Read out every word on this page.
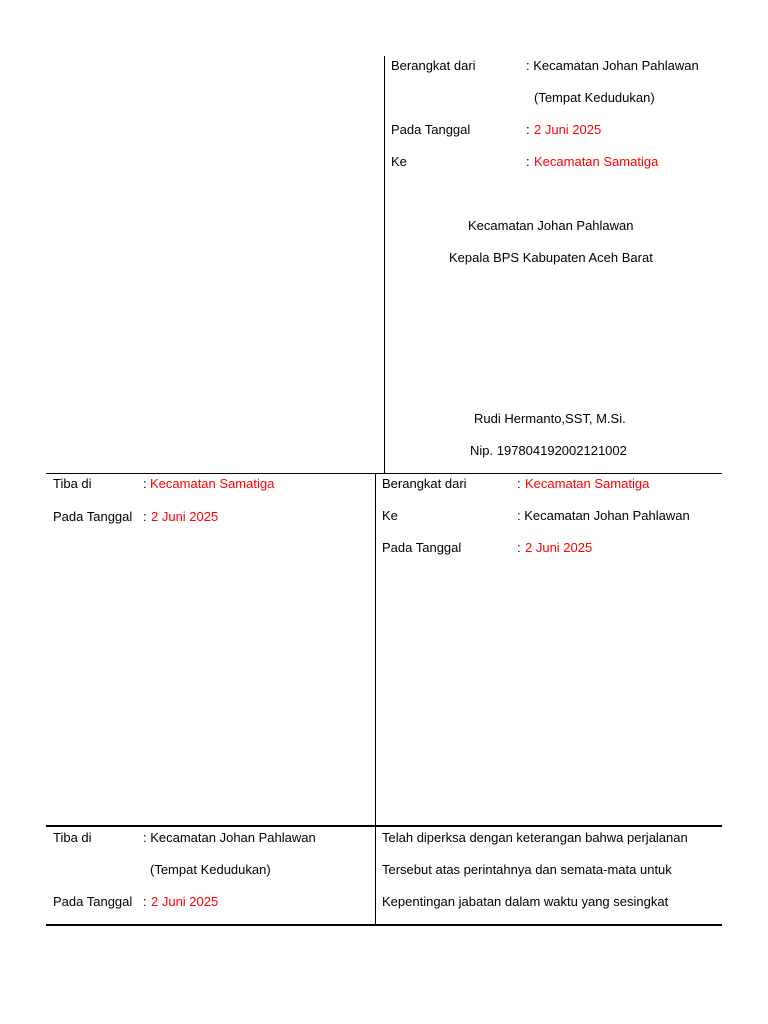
Berangkat dari	: Kecamatan Johan Pahlawan
(Tempat Kedudukan)
Pada Tanggal	: 2 Juni 2025
Ke	: Kecamatan Samatiga
Kecamatan Johan Pahlawan
Kepala BPS Kabupaten Aceh Barat
Rudi Hermanto,SST, M.Si.
Nip. 197804192002121002
Tiba di	: Kecamatan Samatiga
Pada Tanggal : 2 Juni 2025
Berangkat dari	: Kecamatan Samatiga
Ke	: Kecamatan Johan Pahlawan
Pada Tanggal	: 2 Juni 2025
Tiba di	: Kecamatan Johan Pahlawan
(Tempat Kedudukan)
Pada Tanggal : 2 Juni 2025
Telah diperksa dengan keterangan bahwa perjalanan
Tersebut atas perintahnya dan semata-mata untuk
Kepentingan jabatan dalam waktu yang sesingkat
